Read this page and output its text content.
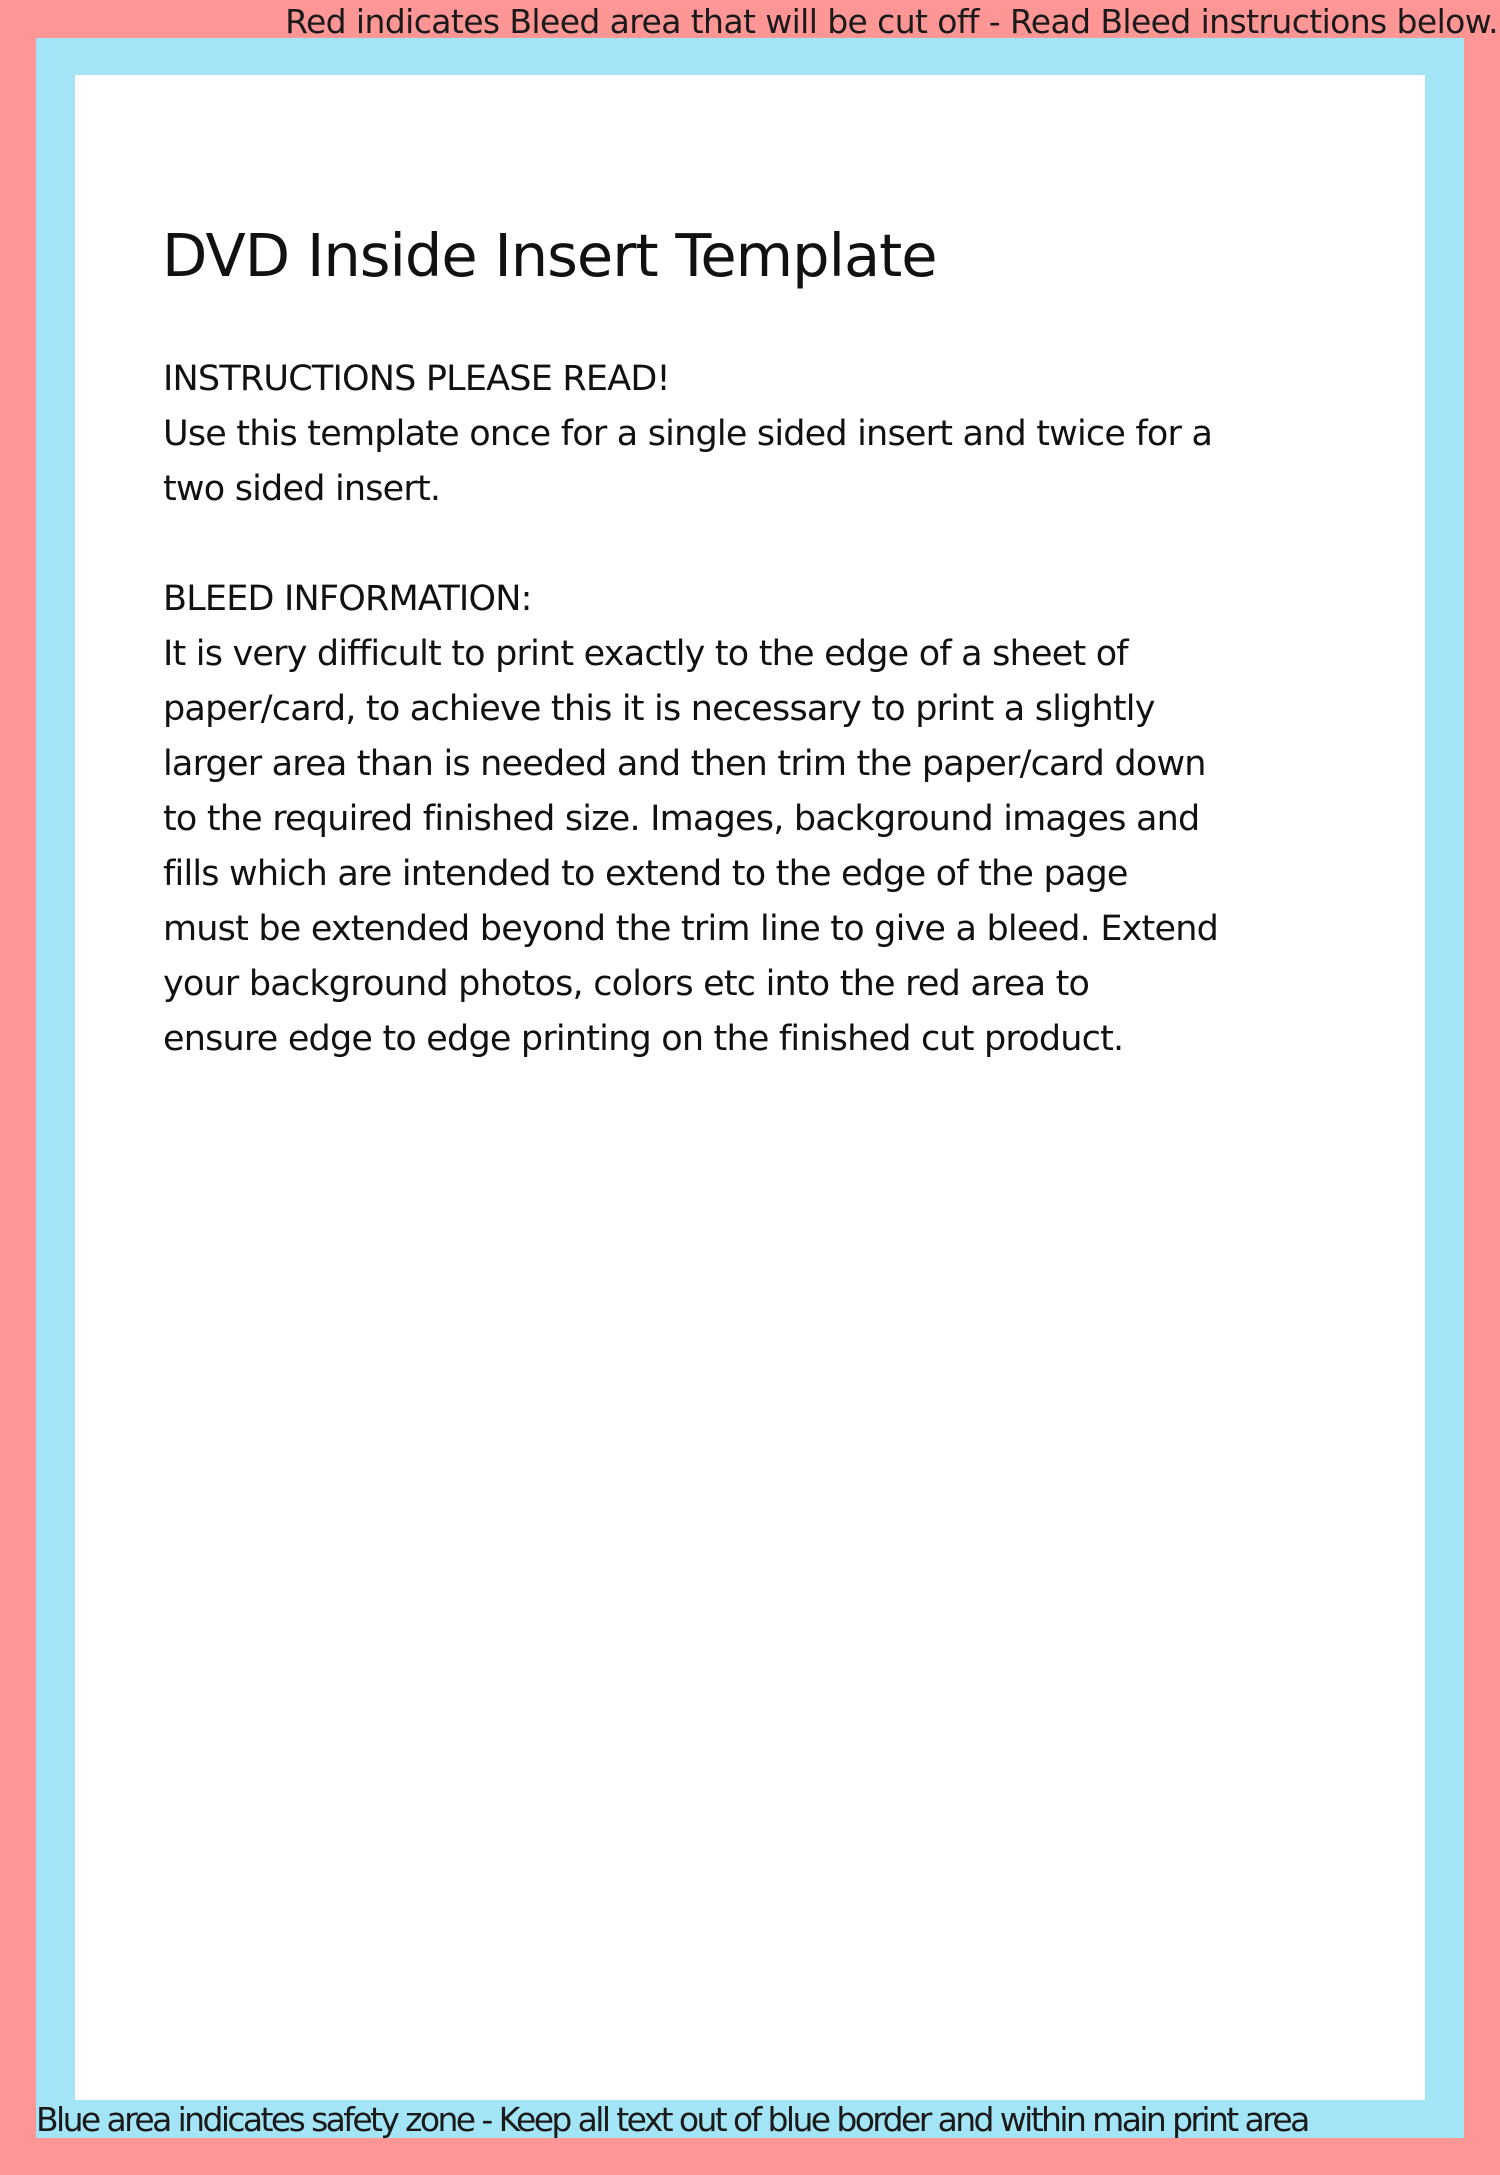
Red indicates Bleed area that will be cut off - Read Bleed instructions below.
DVD Inside Insert Template

INSTRUCTIONS PLEASE READ!

Use this template once for a single sided insert and twice for a

two sided insert.

BLEED INFORMATION:

It is very difficult to print exactly to the edge of a sheet of

paper/card, to achieve this it is necessary to print a slightly

larger area than is needed and then trim the paper/card down

to the required finished size. Images, background images and

fills which are intended to extend to the edge of the page

must be extended beyond the trim line to give a bleed. Extend

your background photos, colors etc into the red area to

ensure edge to edge printing on the finished cut product.

Blue area indicates safety zone - Keep all text out of blue border and within main print area
